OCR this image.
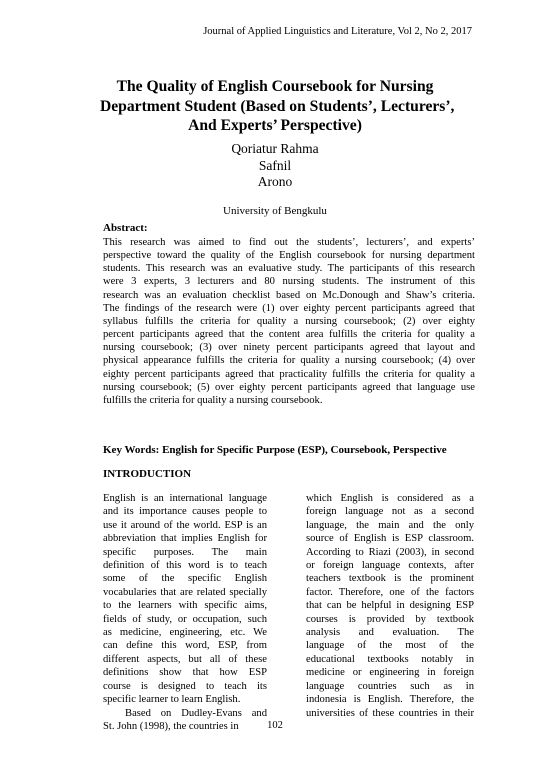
Journal of Applied Linguistics and Literature, Vol 2, No 2, 2017
The Quality of English Coursebook for Nursing
Department Student (Based on Students’, Lecturers’,
And Experts’ Perspective)
Qoriatur Rahma
Safnil
Arono
University of Bengkulu
Abstract:
This research was aimed to find out the students’, lecturers’, and experts’
perspective toward the quality of the English coursebook for nursing department
students. This research was an evaluative study. The participants of this research
were 3 experts, 3 lecturers and 80 nursing students. The instrument of this
research was an evaluation checklist based on Mc.Donough and Shaw’s criteria.
The findings of the research were (1) over eighty percent participants agreed that
syllabus fulfills the criteria for quality a nursing coursebook; (2) over eighty
percent participants agreed that the content area fulfills the criteria for quality a
nursing coursebook; (3) over ninety percent participants agreed that layout and
physical appearance fulfills the criteria for quality a nursing coursebook; (4) over
eighty percent participants agreed that practicality fulfills the criteria for quality a
nursing coursebook; (5) over eighty percent participants agreed that language use
fulfills the criteria for quality a nursing coursebook.
Key Words: English for Specific Purpose (ESP), Coursebook, Perspective
INTRODUCTION
English is an international language
and its importance causes people to
use it around of the world. ESP is an
abbreviation that implies English for
specific purposes. The main
definition of this word is to teach
some of the specific English
vocabularies that are related specially
to the learners with specific aims,
fields of study, or occupation, such
as medicine, engineering, etc. We
can define this word, ESP, from
different aspects, but all of these
definitions show that how ESP
course is designed to teach its
specific learner to learn English.
Based on Dudley-Evans and
St. John (1998), the countries in
which English is considered as a
foreign language not as a second
language, the main and the only
source of English is ESP classroom.
According to Riazi (2003), in second
or foreign language contexts, after
teachers textbook is the prominent
factor. Therefore, one of the factors
that can be helpful in designing ESP
courses is provided by textbook
analysis and evaluation. The
language of the most of the
educational textbooks notably in
medicine or engineering in foreign
language countries such as in
indonesia is English. Therefore, the
universities of these countries in their
102
